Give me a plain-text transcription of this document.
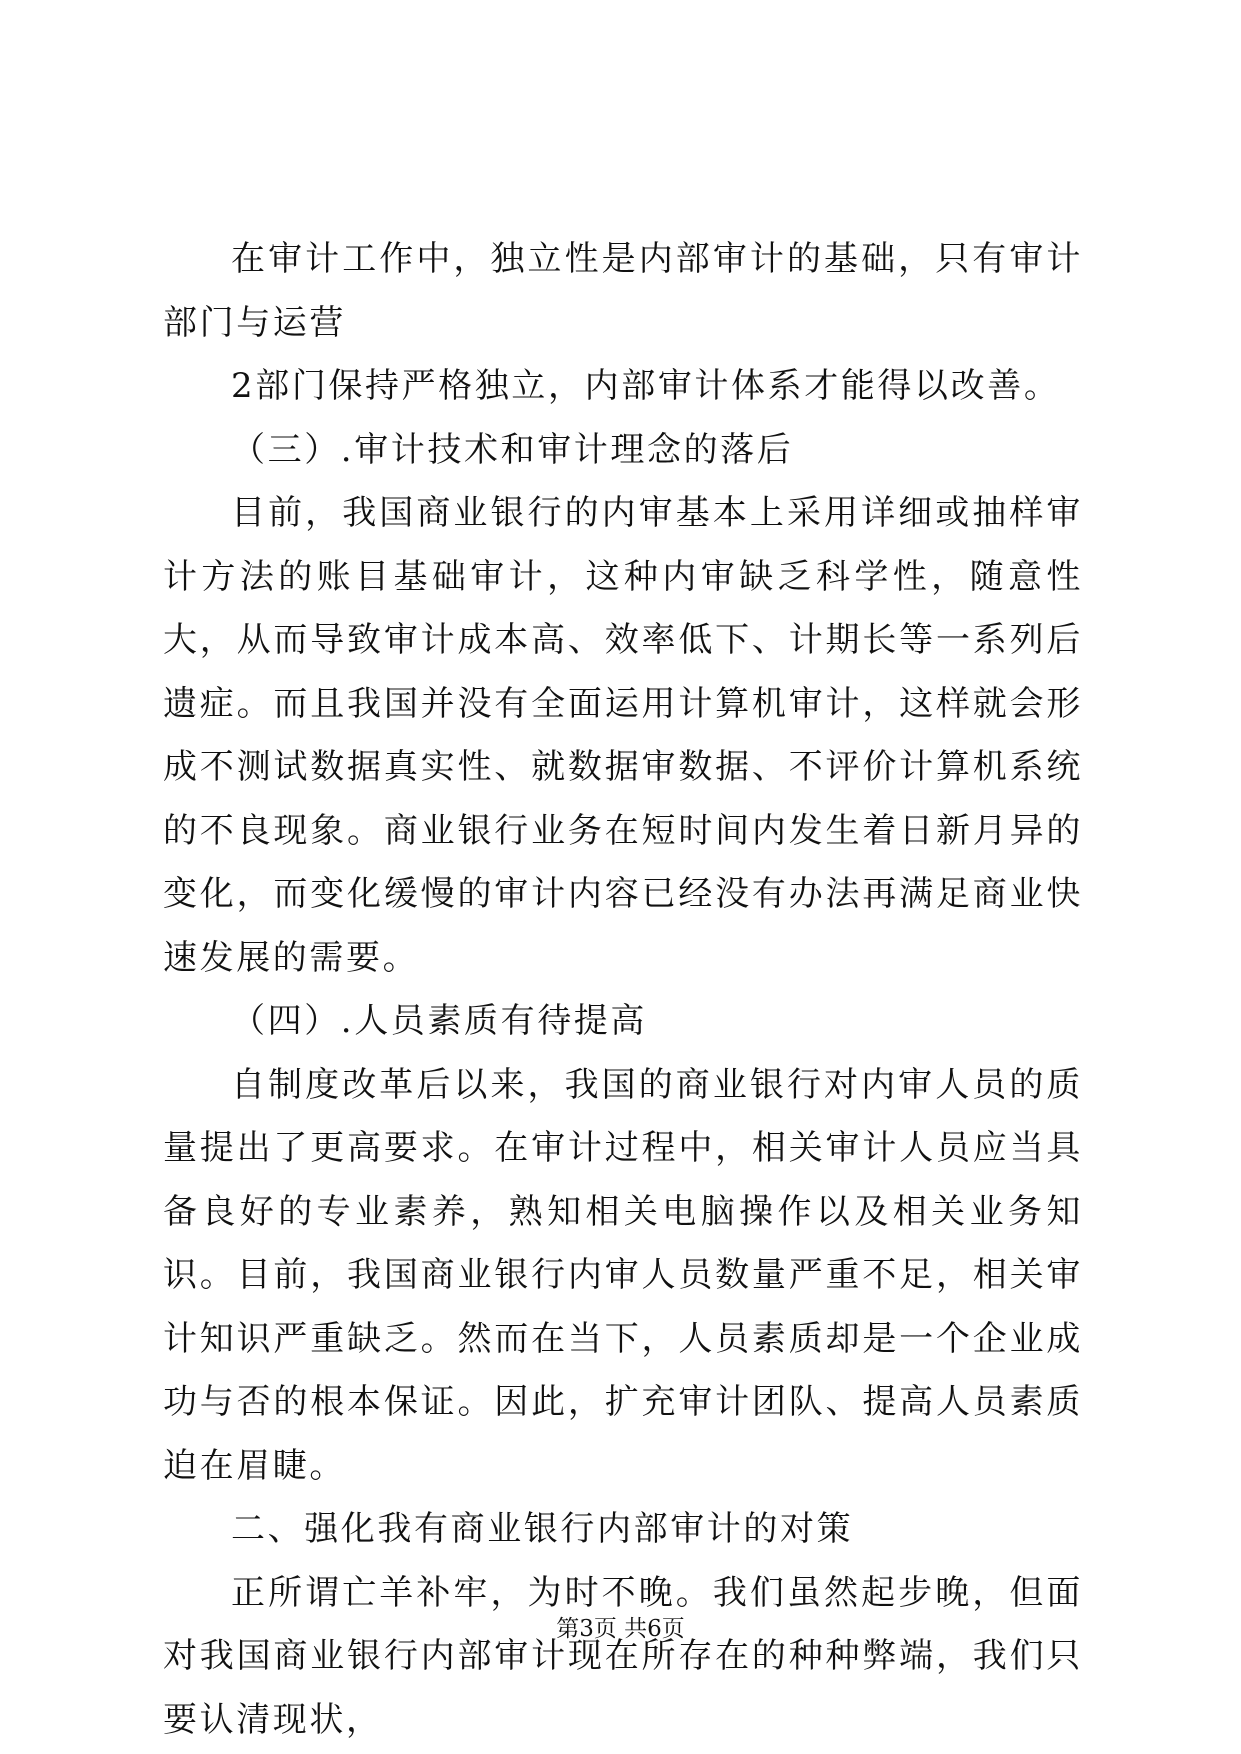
在审计工作中，独立性是内部审计的基础，只有审计部门与运营

2部门保持严格独立，内部审计体系才能得以改善。

（三）.审计技术和审计理念的落后

目前，我国商业银行的内审基本上采用详细或抽样审计方法的账目基础审计，这种内审缺乏科学性，随意性大，从而导致审计成本高、效率低下、计期长等一系列后遗症。而且我国并没有全面运用计算机审计，这样就会形成不测试数据真实性、就数据审数据、不评价计算机系统的不良现象。商业银行业务在短时间内发生着日新月异的变化，而变化缓慢的审计内容已经没有办法再满足商业快速发展的需要。

（四）.人员素质有待提高

自制度改革后以来，我国的商业银行对内审人员的质量提出了更高要求。在审计过程中，相关审计人员应当具备良好的专业素养，熟知相关电脑操作以及相关业务知识。目前，我国商业银行内审人员数量严重不足，相关审计知识严重缺乏。然而在当下，人员素质却是一个企业成功与否的根本保证。因此，扩充审计团队、提高人员素质迫在眉睫。

二、强化我有商业银行内部审计的对策

正所谓亡羊补牢，为时不晚。我们虽然起步晚，但面对我国商业银行内部审计现在所存在的种种弊端，我们只要认清现状，

第3页 共6页
